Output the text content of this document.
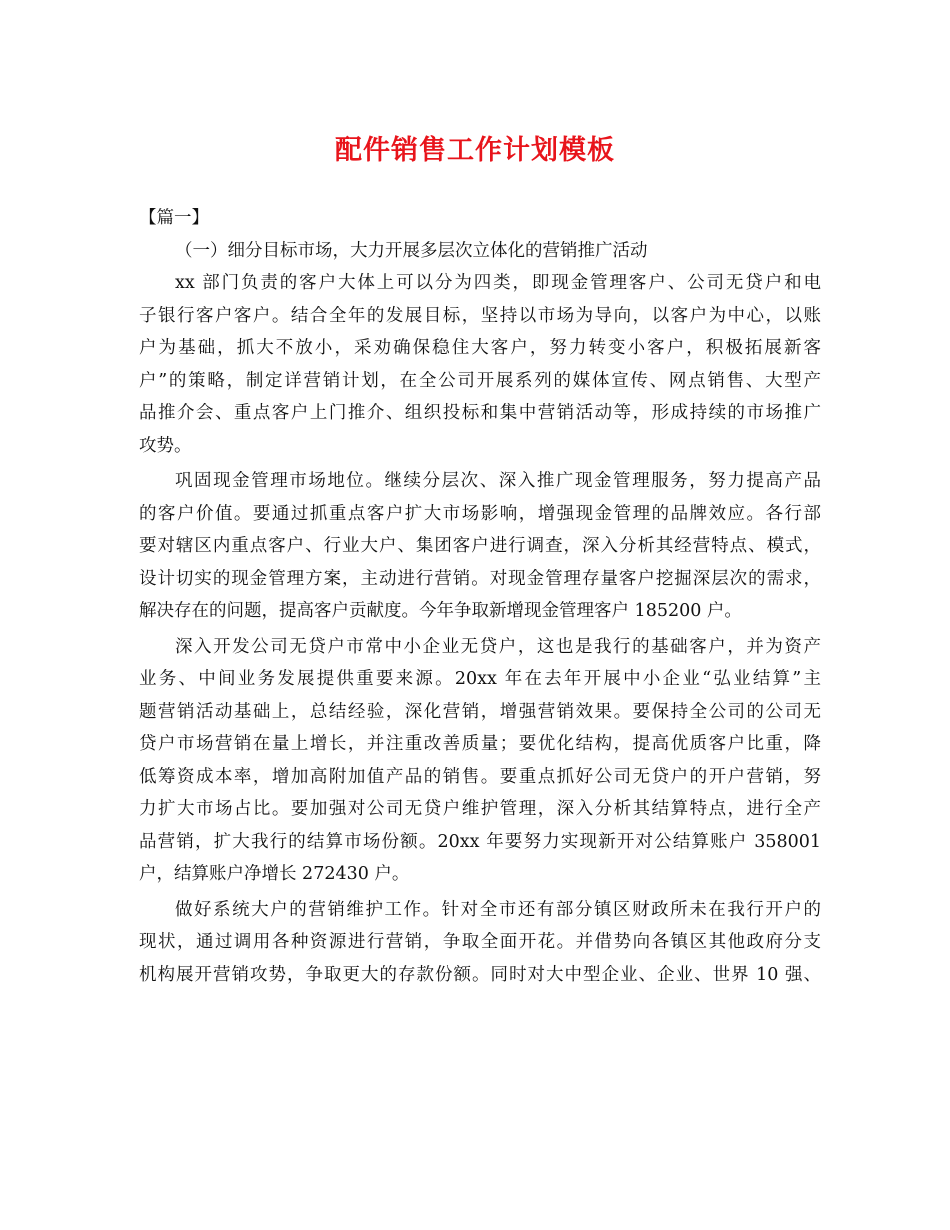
配件销售工作计划模板
【篇一】
（一）细分目标市场，大力开展多层次立体化的营销推广活动
xx 部门负责的客户大体上可以分为四类，即现金管理客户、公司无贷户和电
子银行客户客户。结合全年的发展目标，坚持以市场为导向，以客户为中心，以账
户为基础，抓大不放小，采劝确保稳住大客户，努力转变小客户，积极拓展新客
户”的策略，制定详营销计划，在全公司开展系列的媒体宣传、网点销售、大型产
品推介会、重点客户上门推介、组织投标和集中营销活动等，形成持续的市场推广
攻势。
巩固现金管理市场地位。继续分层次、深入推广现金管理服务，努力提高产品
的客户价值。要通过抓重点客户扩大市场影响，增强现金管理的品牌效应。各行部
要对辖区内重点客户、行业大户、集团客户进行调查，深入分析其经营特点、模式，
设计切实的现金管理方案，主动进行营销。对现金管理存量客户挖掘深层次的需求，
解决存在的问题，提高客户贡献度。今年争取新增现金管理客户 185200 户。
深入开发公司无贷户市常中小企业无贷户，这也是我行的基础客户，并为资产
业务、中间业务发展提供重要来源。20xx 年在去年开展中小企业“弘业结算”主
题营销活动基础上，总结经验，深化营销，增强营销效果。要保持全公司的公司无
贷户市场营销在量上增长，并注重改善质量；要优化结构，提高优质客户比重，降
低筹资成本率，增加高附加值产品的销售。要重点抓好公司无贷户的开户营销，努
力扩大市场占比。要加强对公司无贷户维护管理，深入分析其结算特点，进行全产
品营销，扩大我行的结算市场份额。20xx 年要努力实现新开对公结算账户 358001
户，结算账户净增长 272430 户。
做好系统大户的营销维护工作。针对全市还有部分镇区财政所未在我行开户的
现状，通过调用各种资源进行营销，争取全面开花。并借势向各镇区其他政府分支
机构展开营销攻势，争取更大的存款份额。同时对大中型企业、企业、世界 10 强、
